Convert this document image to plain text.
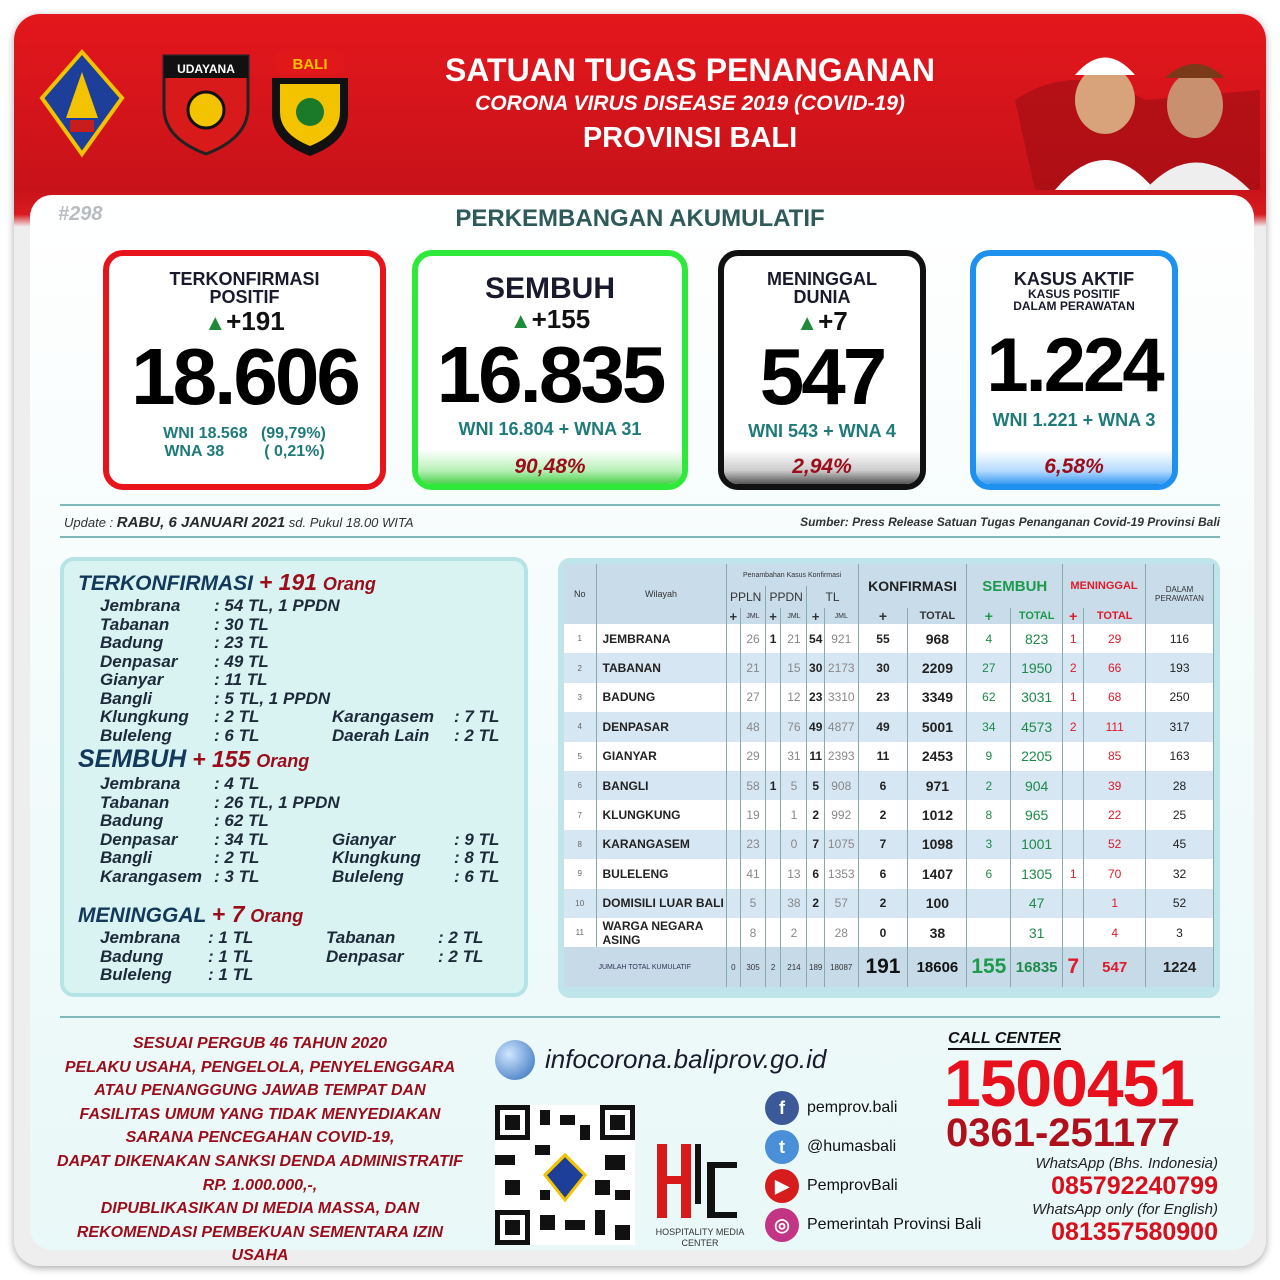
UDAYANA	BALI	SATUAN TUGAS PENANGANAN
CORONA VIRUS DISEASE 2019 (COVID-19)
PROVINSI BALI
#298	PERKEMBANGAN AKUMULATIF
TERKONFIRMASI
POSITIF
▲+191
18.606
WNI 18.568   (99,79%)
WNA 38         ( 0,21%)
SEMBUH
▲+155
16.835
WNI 16.804 + WNA 31
90,48%
MENINGGAL
DUNIA
▲+7
547
WNI 543 + WNA 4
2,94%
KASUS AKTIF
KASUS POSITIF
DALAM PERAWATAN
1.224
WNI 1.221 + WNA 3
6,58%
Update : RABU, 6 JANUARI 2021 sd. Pukul 18.00 WITA	Sumber: Press Release Satuan Tugas Penanganan Covid-19 Provinsi Bali
TERKONFIRMASI + 191 Orang
Jembrana	: 54 TL, 1 PPDN
Tabanan	: 30 TL
Badung	: 23 TL
Denpasar	: 49 TL
Gianyar	: 11 TL
Bangli	: 5 TL, 1 PPDN
Klungkung	: 2 TL	Karangasem	: 7 TL
Buleleng	: 6 TL	Daerah Lain	: 2 TL
SEMBUH + 155 Orang
Jembrana	: 4 TL
Tabanan	: 26 TL, 1 PPDN
Badung	: 62 TL
Denpasar	: 34 TL	Gianyar	: 9 TL
Bangli	: 2 TL	Klungkung	: 8 TL
Karangasem	: 3 TL	Buleleng	: 6 TL
MENINGGAL + 7 Orang
Jembrana	: 1 TL	Tabanan	: 2 TL
Badung	: 1 TL	Denpasar	: 2 TL
Buleleng	: 1 TL
No	Wilayah	Penambahan Kasus Konfirmasi						KONFIRMASI		SEMBUH		MENINGGAL		DALAM PERAWATAN
		PPLN		PPDN		TL								
		+	JML	+	JML	+	JML	+	TOTAL	+	TOTAL	+	TOTAL	
1	JEMBRANA		26	1	21	54	921	55	968	4	823	1	29	116
2	TABANAN		21		15	30	2173	30	2209	27	1950	2	66	193
3	BADUNG		27		12	23	3310	23	3349	62	3031	1	68	250
4	DENPASAR		48		76	49	4877	49	5001	34	4573	2	111	317
5	GIANYAR		29		31	11	2393	11	2453	9	2205		85	163
6	BANGLI		58	1	5	5	908	6	971	2	904		39	28
7	KLUNGKUNG		19		1	2	992	2	1012	8	965		22	25
8	KARANGASEM		23		0	7	1075	7	1098	3	1001		52	45
9	BULELENG		41		13	6	1353	6	1407	6	1305	1	70	32
10	DOMISILI LUAR BALI		5		38	2	57	2	100		47		1	52
11	WARGA NEGARA ASING		8		2		28	0	38		31		4	3
JUMLAH TOTAL KUMULATIF		0	305	2	214	189	18087	191	18606	155	16835	7	547	1224
SESUAI PERGUB 46 TAHUN 2020
PELAKU USAHA, PENGELOLA, PENYELENGGARA
ATAU PENANGGUNG JAWAB TEMPAT DAN
FASILITAS UMUM YANG TIDAK MENYEDIAKAN
SARANA PENCEGAHAN COVID-19,
DAPAT DIKENAKAN SANKSI DENDA ADMINISTRATIF
RP. 1.000.000,-,
DIPUBLIKASIKAN DI MEDIA MASSA, DAN
REKOMENDASI PEMBEKUAN SEMENTARA IZIN USAHA
infocorona.baliprov.go.id
HOSPITALITY MEDIA CENTER
f	pemprov.bali
t	@humasbali
▶	PemprovBali
◎	Pemerintah Provinsi Bali
CALL CENTER
1500451
0361-251177
WhatsApp (Bhs. Indonesia)
085792240799
WhatsApp only (for English)
081357580900
